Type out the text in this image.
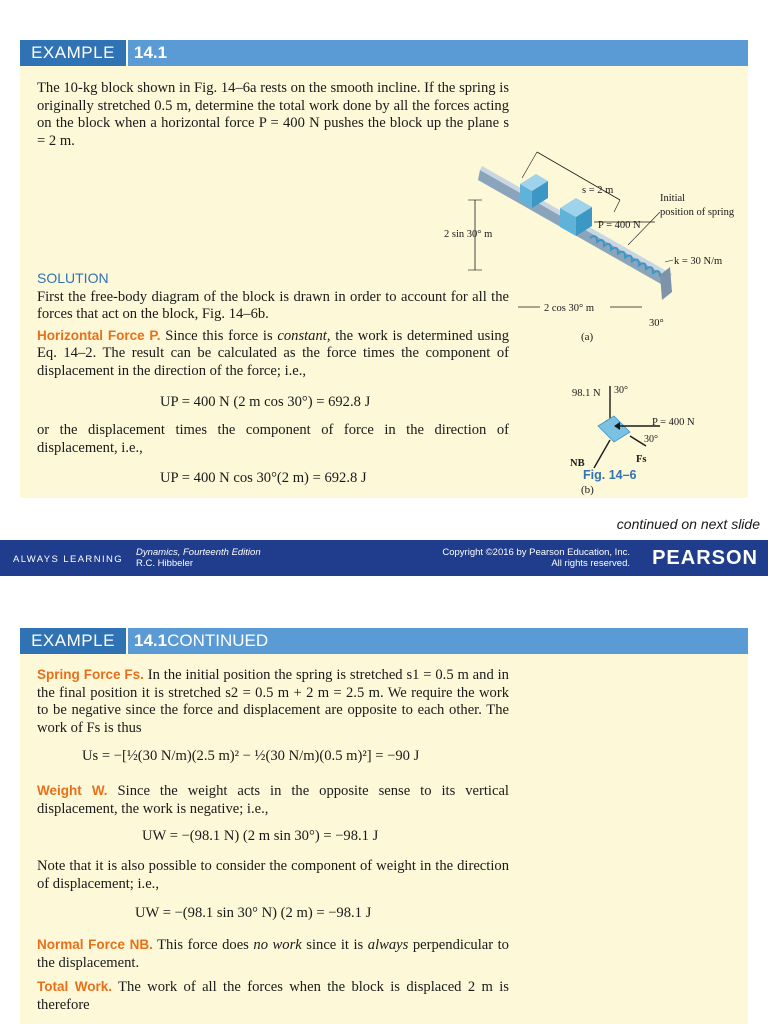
EXAMPLE	14.1

The 10-kg block shown in Fig. 14–6a rests on the smooth incline. If the spring is originally stretched 0.5 m, determine the total work done by all the forces acting on the block when a horizontal force P = 400 N pushes the block up the plane s = 2 m.

SOLUTION

First the free-body diagram of the block is drawn in order to account for all the forces that act on the block, Fig. 14–6b.

Horizontal Force P. Since this force is constant, the work is determined using Eq. 14–2. The result can be calculated as the force times the component of displacement in the direction of the force; i.e.,

UP = 400 N (2 m cos 30°) = 692.8 J

or the displacement times the component of force in the direction of displacement, i.e.,

UP = 400 N cos 30°(2 m) = 692.8 J
s = 2 m
Initial
position of spring
P = 400 N
2 sin 30° m
k = 30 N/m
2 cos 30° m
30°
(a)
98.1 N 30°
P = 400 N
30°
NB	Fs
(b)
Fig. 14–6
continued on next slide
ALWAYS LEARNING
Dynamics, Fourteenth Edition
R.C. Hibbeler
Copyright ©2016 by Pearson Education, Inc.
All rights reserved. PEARSON
EXAMPLE	14.1CONTINUED

Spring Force Fs. In the initial position the spring is stretched s1 = 0.5 m and in the final position it is stretched s2 = 0.5 m + 2 m = 2.5 m. We require the work to be negative since the force and displacement are opposite to each other. The work of Fs is thus

Us = −[½(30 N/m)(2.5 m)² − ½(30 N/m)(0.5 m)²] = −90 J

Weight W. Since the weight acts in the opposite sense to its vertical displacement, the work is negative; i.e.,

UW = −(98.1 N) (2 m sin 30°) = −98.1 J

Note that it is also possible to consider the component of weight in the direction of displacement; i.e.,

UW = −(98.1 sin 30° N) (2 m) = −98.1 J

Normal Force NB. This force does no work since it is always perpendicular to the displacement.

Total Work. The work of all the forces when the block is displaced 2 m is therefore
